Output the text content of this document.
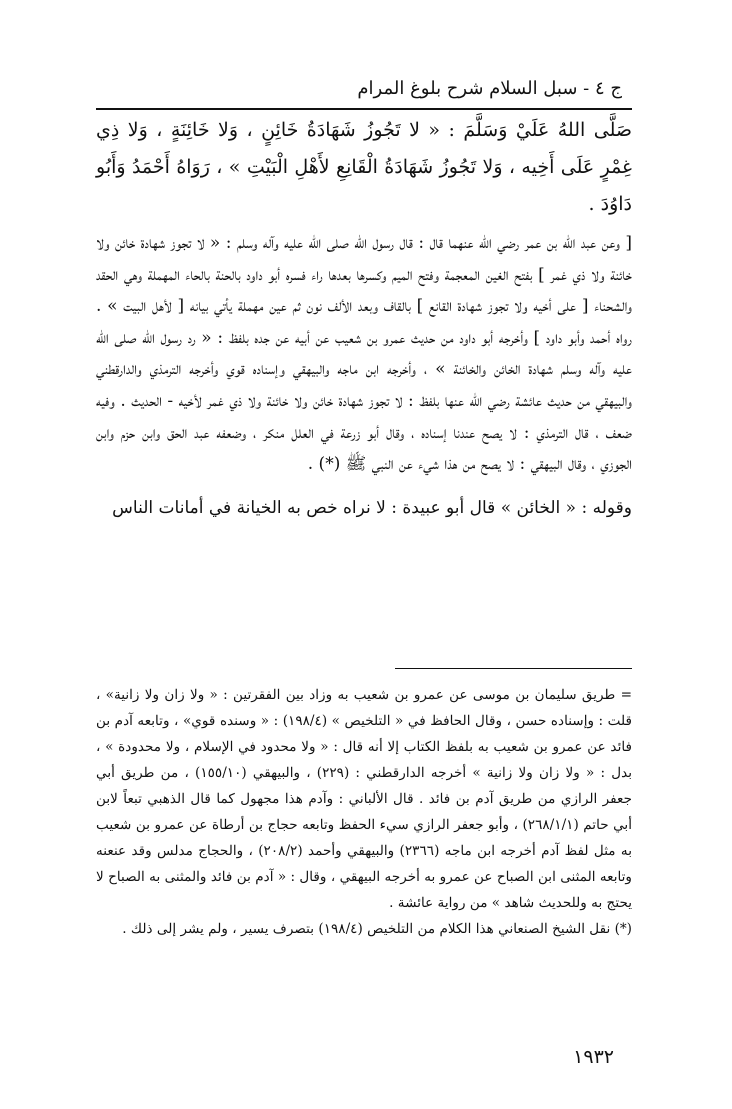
ج ٤ - سبل السلام شرح بلوغ المرام
صَلَّى اللهُ عَلَيْ وَسَلَّمَ : « لا تَجُوزُ شَهَادَةُ خَائِنٍ ، وَلا خَائِنَةٍ ، وَلا ذِي غِمْرٍ عَلَى أَخِيه ، وَلا تَجُوزُ شَهَادَةُ الْقَانِعِ لأَهْلِ الْبَيْتِ » ، رَوَاهُ أَحْمَدُ وَأَبُو دَاوُدَ .

[ وعن عبد الله بن عمر رضي الله عنهما قال : قال رسول الله صلى الله عليه وآله وسلم : « لا تجوز شهادة خائن ولا خائنة ولا ذي غمر ] بفتح الغين المعجمة وفتح الميم وكسرها بعدها راء فسره أبو داود بالحنة بالحاء المهملة وهي الحقد والشحناء [ على أخيه ولا تجوز شهادة القانع ] بالقاف وبعد الألف نون ثم عين مهملة يأتي بيانه [ لأهل البيت » . رواه أحمد وأبو داود ] وأخرجه أبو داود من حديث عمرو بن شعيب عن أبيه عن جده بلفظ : « رد رسول الله صلى الله عليه وآله وسلم شهادة الخائن والخائنة » ، وأخرجه ابن ماجه والبيهقي وإسناده قوي وأخرجه الترمذي والدارقطني والبيهقي من حديث عائشة رضي الله عنها بلفظ : لا تجوز شهادة خائن ولا خائنة ولا ذي غمر لأخيه - الحديث . وفيه ضعف ، قال الترمذي : لا يصح عندنا إسناده ، وقال أبو زرعة في العلل منكر ، وضعفه عبد الحق وابن حزم وابن الجوزي ، وقال البيهقي : لا يصح من هذا شيء عن النبي ﷺ (*) .

وقوله : « الخائن » قال أبو عبيدة : لا نراه خص به الخيانة في أمانات الناس

= طريق سليمان بن موسى عن عمرو بن شعيب به وزاد بين الفقرتين : « ولا زان ولا زانية» ، قلت : وإسناده حسن ، وقال الحافظ في « التلخيص » (١٩٨/٤) : « وسنده قوي» ، وتابعه آدم بن فائد عن عمرو بن شعيب به بلفظ الكتاب إلا أنه قال : « ولا محدود في الإسلام ، ولا محدودة » ، بدل : « ولا زان ولا زانية » أخرجه الدارقطني : (٢٢٩) ، والبيهقي (١٥٥/١٠) ، من طريق أبي جعفر الرازي من طريق آدم بن فائد . قال الألباني : وآدم هذا مجهول كما قال الذهبي تبعاً لابن أبي حاتم (٢٦٨/١/١) ، وأبو جعفر الرازي سيء الحفظ وتابعه حجاج بن أرطاة عن عمرو بن شعيب به مثل لفظ آدم أخرجه ابن ماجه (٢٣٦٦) والبيهقي وأحمد (٢٠٨/٢) ، والحجاج مدلس وقد عنعنه وتابعه المثنى ابن الصباح عن عمرو به أخرجه البيهقي ، وقال : « آدم بن فائد والمثنى به الصباح لا يحتج به وللحديث شاهد » من رواية عائشة .

(*) نقل الشيخ الصنعاني هذا الكلام من التلخيص (١٩٨/٤) بتصرف يسير ، ولم يشر إلى ذلك .

١٩٣٢
